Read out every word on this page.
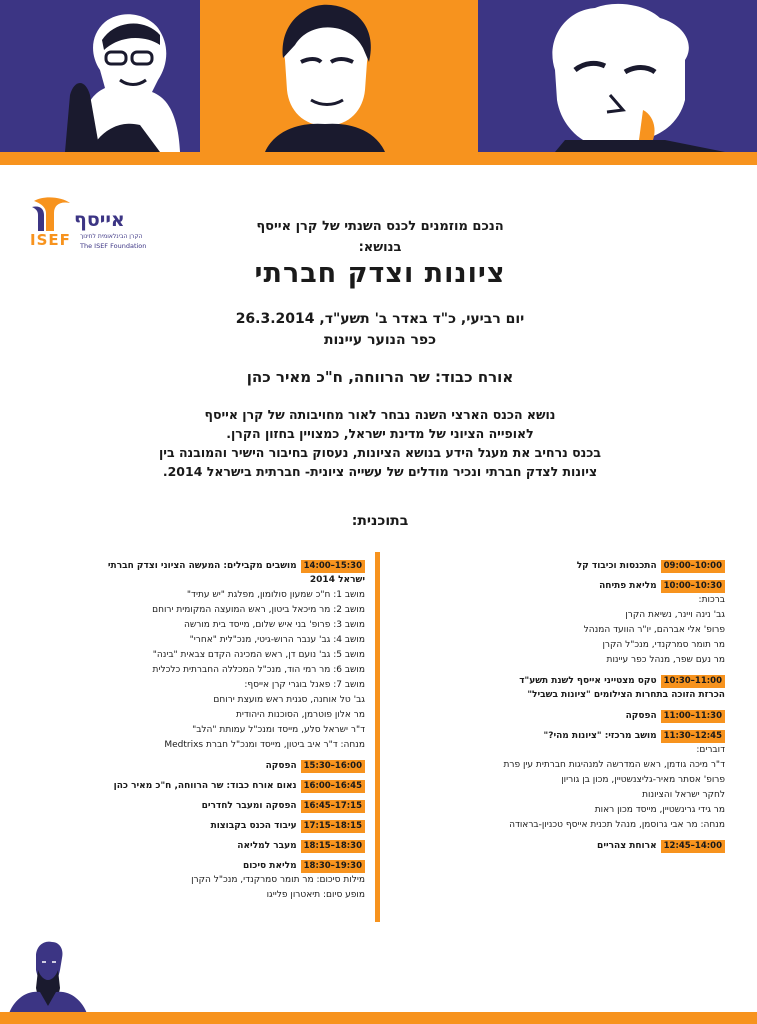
אייסף
ISEF הקרן הבינלאומית לחינוך
The ISEF Foundation
הנכם מוזמנים לכנס השנתי של קרן אייסף
בנושא:
ציונות וצדק חברתי
יום רביעי, כ"ד באדר ב' תשע"ד, 26.3.2014
כפר הנוער עיינות
אורח כבוד: שר הרווחה, ח"כ מאיר כהן
נושא הכנס הארצי השנה נבחר לאור מחויבותה של קרן אייסף
לאופייה הציוני של מדינת ישראל, כמצויין בחזון הקרן.
בכנס נרחיב את מעגל הידע בנושא הציונות, נעסוק בחיבור הישיר והמובנה בין
ציונות לצדק חברתי ונכיר מודלים של עשייה ציונית- חברתית בישראל 2014.
בתוכנית:
09:00–10:00
התכנסות וכיבוד קל
10:00–10:30
מליאת פתיחה
ברכות:
גב' נינה ויינר, נשיאת הקרן
פרופ' אלי אברהם, יו"ר הוועד המנהל
מר תומר סמרקנדי, מנכ"ל הקרן
מר נעם שפר, מנהל כפר עיינות
10:30–11:00
טקס מצטייני אייסף לשנת תשע"ד
הכרזת הזוכה בתחרות הצילומים "ציונות בשביל"
11:00–11:30
הפסקה
11:30–12:45
מושב מרכזי: "ציונות מהי?"
דוברים:
ד"ר מיכה גודמן, ראש המדרשה למנהיגות חברתית עין פרת
פרופ' אסתר מאיר-גליצנשטיין, מכון בן גוריון
לחקר ישראל והציונות
מר גידי גרינשטיין, מייסד מכון ראות
מנחה: מר אבי גרוסמן, מנהל תכנית אייסף טכניון-בראודה
12:45–14:00
ארוחת צהריים
14:00–15:30
מושבים מקבילים: המעשה הציוני וצדק חברתי
ישראל 2014
מושב 1: ח"כ שמעון סולומון, מפלגת "יש עתיד"
מושב 2: מר מיכאל ביטון, ראש המועצה המקומית ירוחם
מושב 3: פרופ' בני איש שלום, מייסד בית מורשה
מושב 4: גב' ענבר הרוש-גיטי, מנכ"לית "אחרי"
מושב 5: גב' נועם דן, ראש המכינה הקדם צבאית "בינה"
מושב 6: מר רמי הוד, מנכ"ל המכללה החברתית כלכלית
מושב 7: פאנל בוגרי קרן אייסף:
גב' טל אוחנה, סגנית ראש מועצת ירוחם
מר אלון פוטרמן, הסוכנות היהודית
ד"ר ישראל סלע, מייסד ומנכ"ל עמותת "הלב"
מנחה: ד"ר איב ביטון, מייסד ומנכ"ל חברת Medtrixs
15:30–16:00
הפסקה
16:00–16:45
נאום אורח כבוד: שר הרווחה, ח"כ מאיר כהן
16:45–17:15
הפסקה ומעבר לחדרים
17:15–18:15
עיבוד הכנס בקבוצות
18:15–18:30
מעבר למליאה
18:30–19:30
מליאת סיכום
מילות סיכום: מר תומר סמרקנדי, מנכ"ל הקרן
מופע סיום: תיאטרון פלייגו
